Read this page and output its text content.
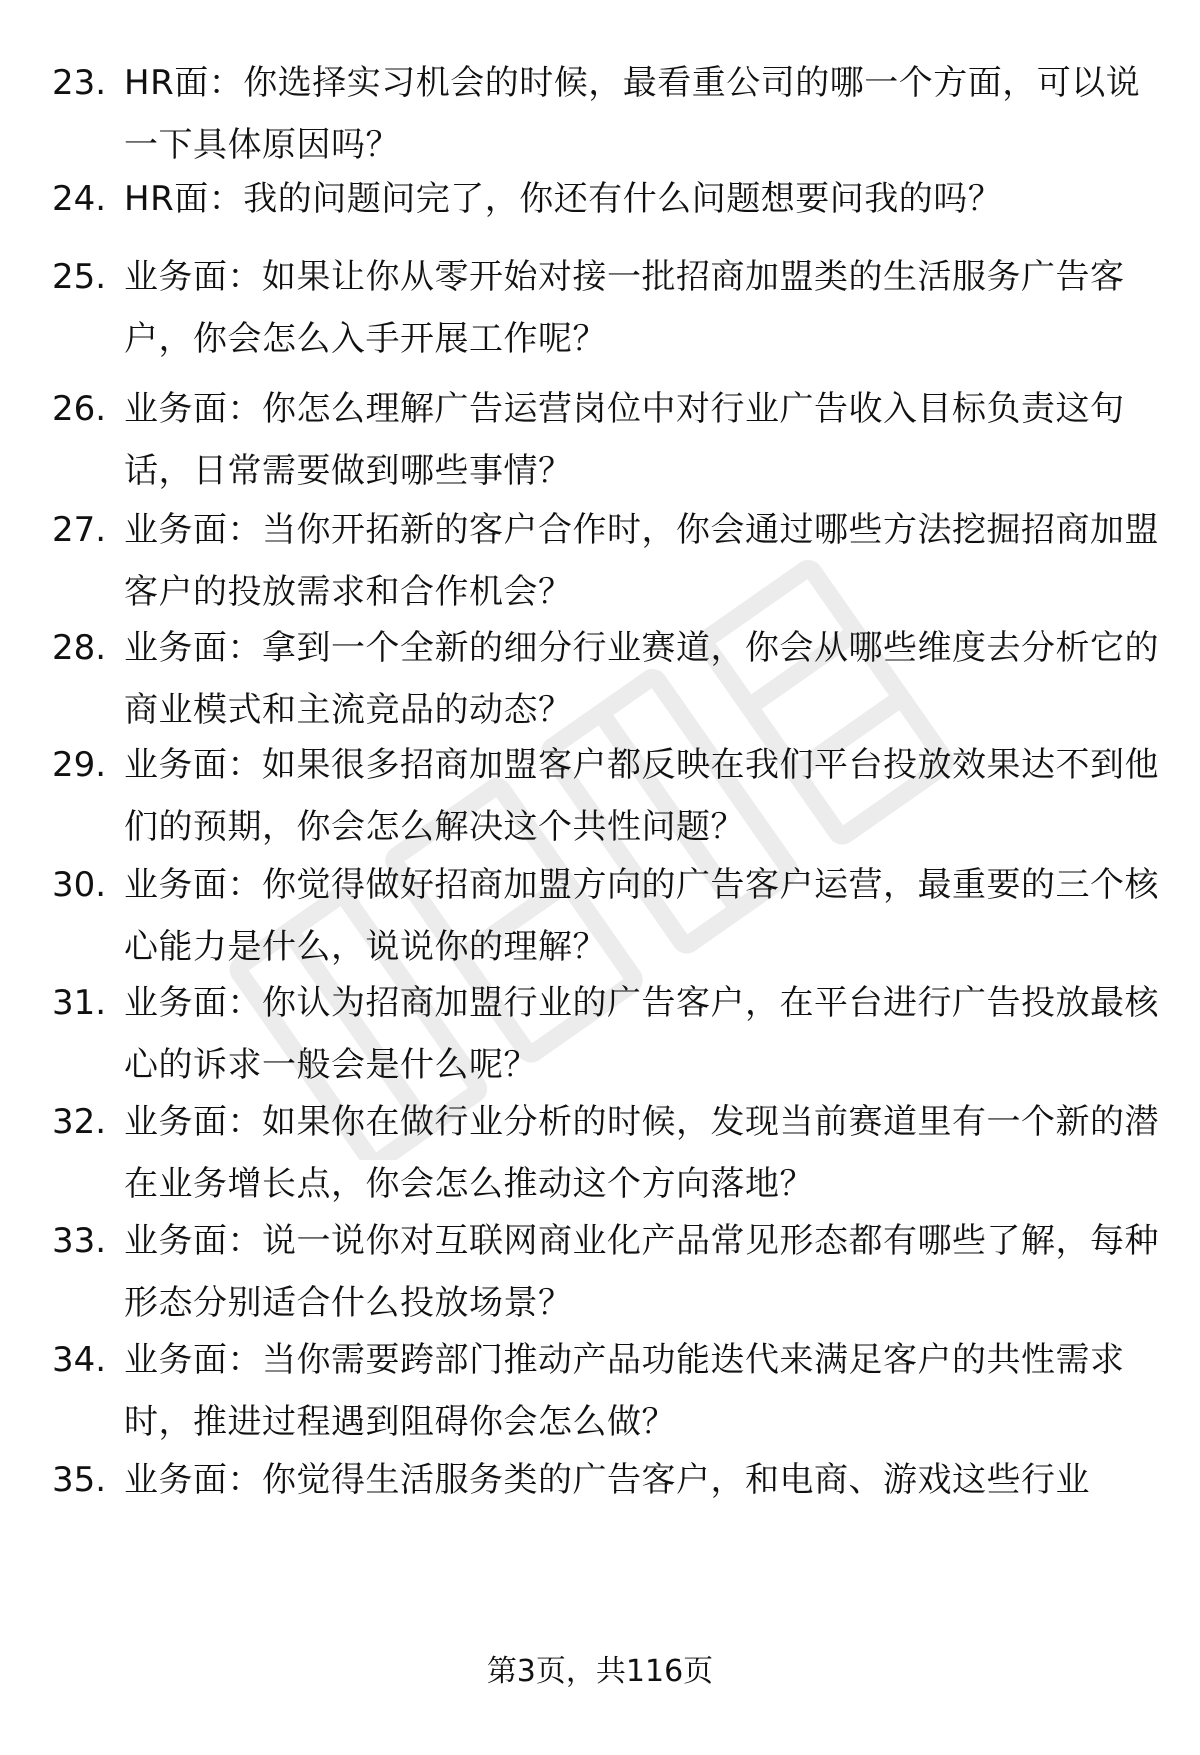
23. HR面：你选择实习机会的时候，最看重公司的哪一个方面，可以说一下具体原因吗？
24. HR面：我的问题问完了，你还有什么问题想要问我的吗？
25. 业务面：如果让你从零开始对接一批招商加盟类的生活服务广告客户，你会怎么入手开展工作呢？
26. 业务面：你怎么理解广告运营岗位中对行业广告收入目标负责这句话，日常需要做到哪些事情？
27. 业务面：当你开拓新的客户合作时，你会通过哪些方法挖掘招商加盟客户的投放需求和合作机会？
28. 业务面：拿到一个全新的细分行业赛道，你会从哪些维度去分析它的商业模式和主流竞品的动态？
29. 业务面：如果很多招商加盟客户都反映在我们平台投放效果达不到他们的预期，你会怎么解决这个共性问题？
30. 业务面：你觉得做好招商加盟方向的广告客户运营，最重要的三个核心能力是什么，说说你的理解？
31. 业务面：你认为招商加盟行业的广告客户，在平台进行广告投放最核心的诉求一般会是什么呢？
32. 业务面：如果你在做行业分析的时候，发现当前赛道里有一个新的潜在业务增长点，你会怎么推动这个方向落地？
33. 业务面：说一说你对互联网商业化产品常见形态都有哪些了解，每种形态分别适合什么投放场景？
34. 业务面：当你需要跨部门推动产品功能迭代来满足客户的共性需求时，推进过程遇到阻碍你会怎么做？
35. 业务面：你觉得生活服务类的广告客户，和电商、游戏这些行业
第3页，共116页
